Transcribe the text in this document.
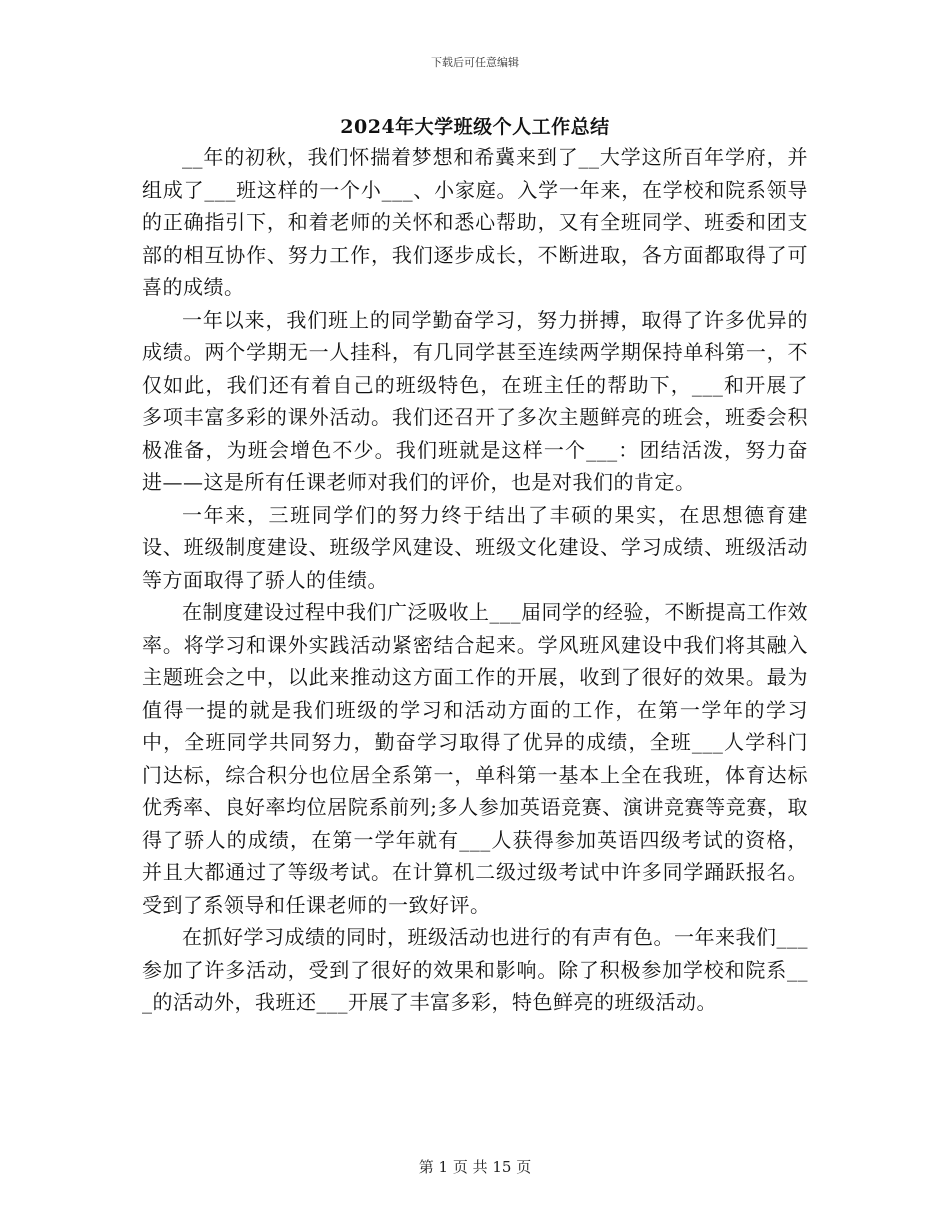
下载后可任意编辑
2024年大学班级个人工作总结

__年的初秋，我们怀揣着梦想和希冀来到了__大学这所百年学府，并组成了___班这样的一个小___、小家庭。入学一年来，在学校和院系领导的正确指引下，和着老师的关怀和悉心帮助，又有全班同学、班委和团支部的相互协作、努力工作，我们逐步成长，不断进取，各方面都取得了可喜的成绩。

一年以来，我们班上的同学勤奋学习，努力拼搏，取得了许多优异的成绩。两个学期无一人挂科，有几同学甚至连续两学期保持单科第一，不仅如此，我们还有着自己的班级特色，在班主任的帮助下，___和开展了多项丰富多彩的课外活动。我们还召开了多次主题鲜亮的班会，班委会积极准备，为班会增色不少。我们班就是这样一个___：团结活泼，努力奋进——这是所有任课老师对我们的评价，也是对我们的肯定。

一年来，三班同学们的努力终于结出了丰硕的果实，在思想德育建设、班级制度建设、班级学风建设、班级文化建设、学习成绩、班级活动等方面取得了骄人的佳绩。

在制度建设过程中我们广泛吸收上___届同学的经验，不断提高工作效率。将学习和课外实践活动紧密结合起来。学风班风建设中我们将其融入主题班会之中，以此来推动这方面工作的开展，收到了很好的效果。最为值得一提的就是我们班级的学习和活动方面的工作，在第一学年的学习中，全班同学共同努力，勤奋学习取得了优异的成绩，全班___人学科门门达标，综合积分也位居全系第一，单科第一基本上全在我班，体育达标优秀率、良好率均位居院系前列;多人参加英语竞赛、演讲竞赛等竞赛，取得了骄人的成绩，在第一学年就有___人获得参加英语四级考试的资格，并且大都通过了等级考试。在计算机二级过级考试中许多同学踊跃报名。受到了系领导和任课老师的一致好评。

在抓好学习成绩的同时，班级活动也进行的有声有色。一年来我们___参加了许多活动，受到了很好的效果和影响。除了积极参加学校和院系___的活动外，我班还___开展了丰富多彩，特色鲜亮的班级活动。

第 1 页 共 15 页
